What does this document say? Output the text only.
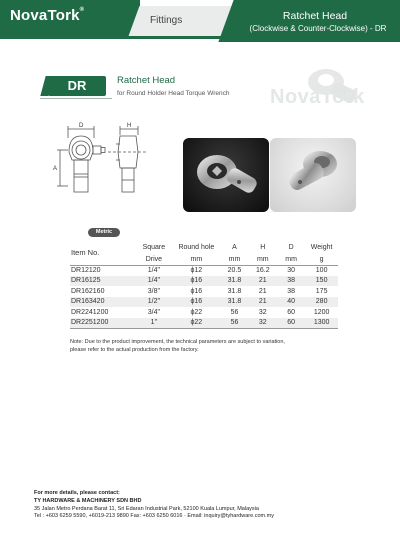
NovaTork®
Fittings	Ratchet Head
(Clockwise & Counter-Clockwise) - DR
DR	Ratchet Head
for Round Holder Head Torque Wrench NovaTork
D	H
A
Metric
Item No.	Square	Round hole	A	H	D	Weight
	Drive	mm	mm	mm	mm	g
DR12120	1/4"	ϕ12	20.5	16.2	30	100
DR16125	1/4"	ϕ16	31.8	21	38	150
DR162160	3/8"	ϕ16	31.8	21	38	175
DR163420	1/2"	ϕ16	31.8	21	40	280
DR2241200	3/4"	ϕ22	56	32	60	1200
DR2251200	1"	ϕ22	56	32	60	1300
Note: Due to the product improvement, the technical parameters are subject to variation,
please refer to the actual production from the factory.
For more details, please contact:
TY HARDWARE & MACHINERY SDN BHD
35 Jalan Metro Perdana Barat 11, Sri Edaran Industrial Park, 52100 Kuala Lumpur, Malaysia
Tel : +603 6259 5590, +6019-213 9890 Fax: +603 6250 6016 · Email: inquiry@tyhardware.com.my
